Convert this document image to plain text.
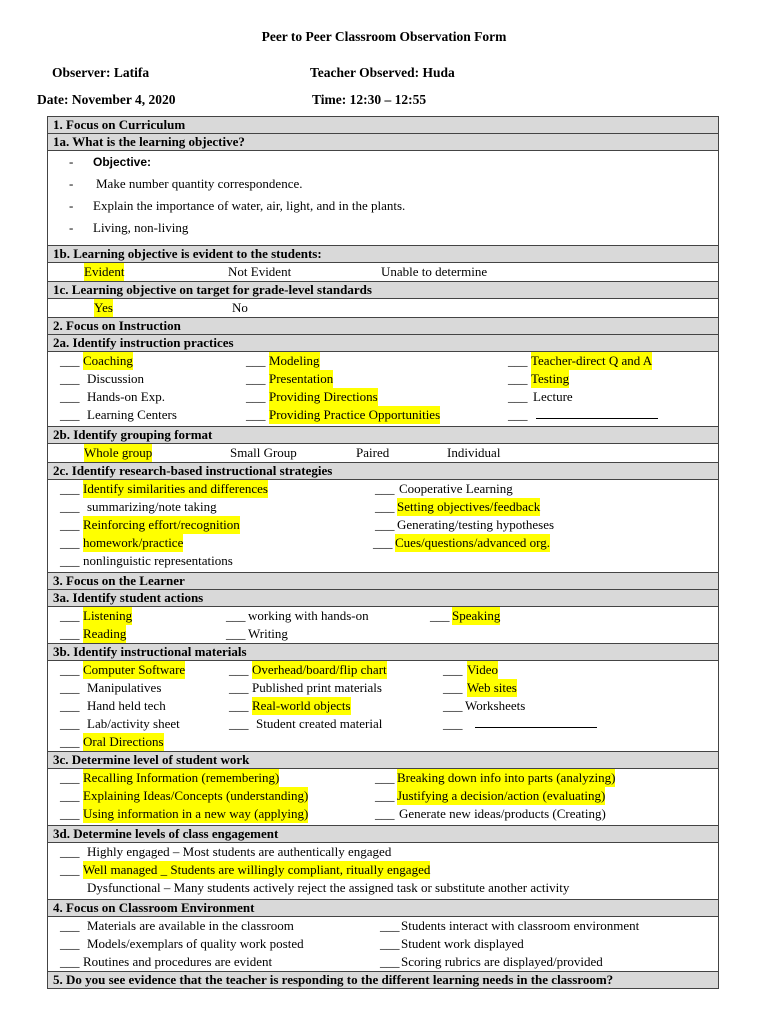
Peer to Peer Classroom Observation Form
Observer: Latifa	Teacher Observed: Huda
Date: November 4, 2020	Time: 12:30 – 12:55
1. Focus on Curriculum
1a. What is the learning objective?

- Objective:
- Make number quantity correspondence.
- Explain the importance of water, air, light, and in the plants.
- Living, non-living

1b. Learning objective is evident to the students:

Evident	Not Evident	Unable to determine

1c. Learning objective on target for grade-level standards

Yes	No

2. Focus on Instruction
2a. Identify instruction practices

___ Coaching	___ Modeling	___ Teacher-direct Q and A
___ Discussion	___ Presentation	___ Testing
___ Hands-on Exp.	___ Providing Directions	___ Lecture
___ Learning Centers	___ Providing Practice Opportunities	___

2b. Identify grouping format

Whole group	Small Group	Paired	Individual

2c. Identify research-based instructional strategies

___ Identify similarities and differences	___ Cooperative Learning
___ summarizing/note taking	___ Setting objectives/feedback
___ Reinforcing effort/recognition	___ Generating/testing hypotheses
___ homework/practice	___ Cues/questions/advanced org.
___ nonlinguistic representations

3. Focus on the Learner
3a. Identify student actions

___ Listening	___ working with hands-on	___ Speaking
___ Reading	___ Writing

3b. Identify instructional materials

___ Computer Software	___ Overhead/board/flip chart	___ Video
___ Manipulatives	___ Published print materials	___ Web sites
___ Hand held tech	___ Real-world objects	___ Worksheets
___ Lab/activity sheet	___ Student created material	___
___ Oral Directions

3c. Determine level of student work

___ Recalling Information (remembering)	___ Breaking down info into parts (analyzing)
___ Explaining Ideas/Concepts (understanding)	___ Justifying a decision/action (evaluating)
___ Using information in a new way (applying)	___ Generate new ideas/products (Creating)

3d. Determine levels of class engagement

___ Highly engaged – Most students are authentically engaged
___ Well managed _ Students are willingly compliant, ritually engaged
Dysfunctional – Many students actively reject the assigned task or substitute another activity

4. Focus on Classroom Environment

___ Materials are available in the classroom	___ Students interact with classroom environment
___ Models/exemplars of quality work posted	___ Student work displayed
___ Routines and procedures are evident	___ Scoring rubrics are displayed/provided

5. Do you see evidence that the teacher is responding to the different learning needs in the classroom?
